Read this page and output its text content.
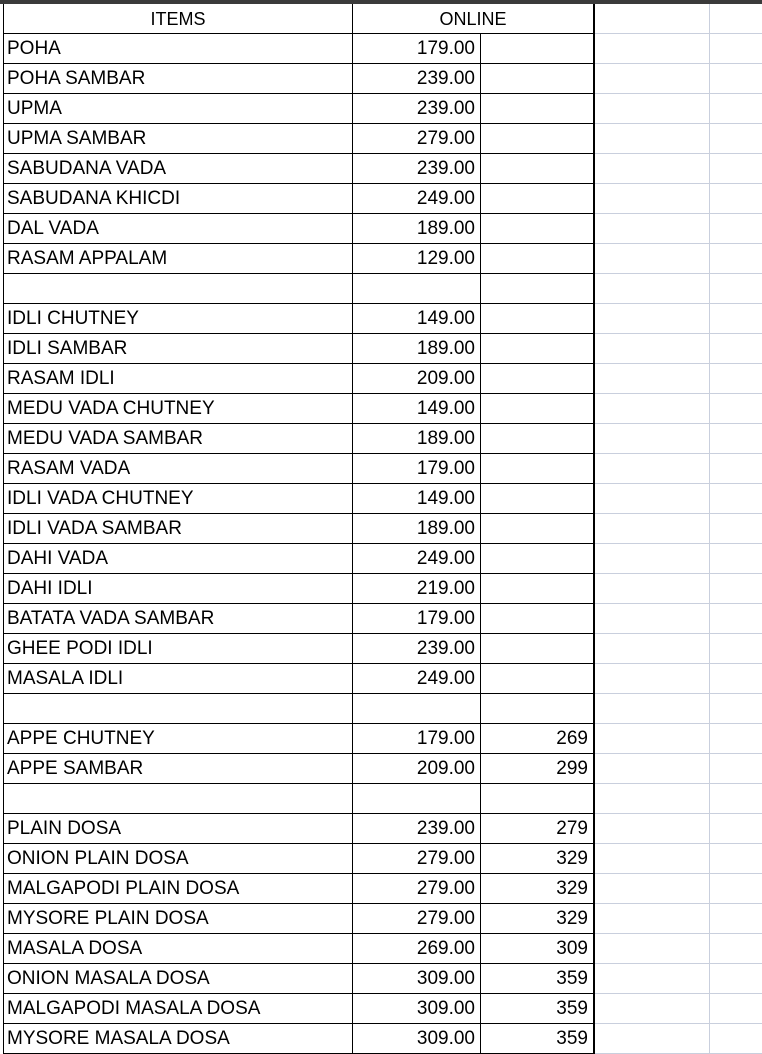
ITEMS	ONLINE
POHA	179.00
POHA SAMBAR	239.00
UPMA	239.00
UPMA SAMBAR	279.00
SABUDANA VADA	239.00
SABUDANA KHICDI	249.00
DAL VADA	189.00
RASAM APPALAM	129.00
IDLI CHUTNEY	149.00
IDLI SAMBAR	189.00
RASAM IDLI	209.00
MEDU VADA CHUTNEY	149.00
MEDU VADA SAMBAR	189.00
RASAM VADA	179.00
IDLI VADA CHUTNEY	149.00
IDLI VADA SAMBAR	189.00
DAHI VADA	249.00
DAHI IDLI	219.00
BATATA VADA SAMBAR	179.00
GHEE PODI IDLI	239.00
MASALA IDLI	249.00
APPE CHUTNEY	179.00	269
APPE SAMBAR	209.00	299
PLAIN DOSA	239.00	279
ONION PLAIN DOSA	279.00	329
MALGAPODI PLAIN DOSA	279.00	329
MYSORE PLAIN DOSA	279.00	329
MASALA DOSA	269.00	309
ONION MASALA DOSA	309.00	359
MALGAPODI MASALA DOSA	309.00	359
MYSORE MASALA DOSA	309.00	359
